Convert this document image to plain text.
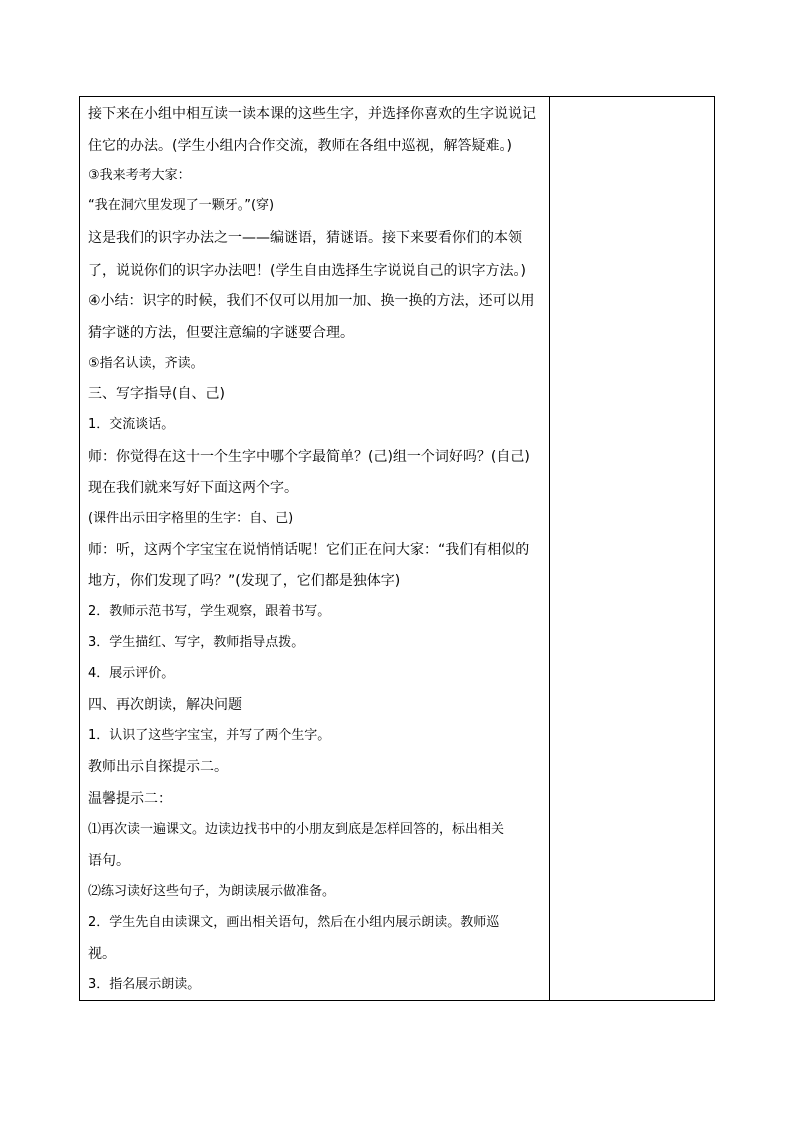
接下来在小组中相互读一读本课的这些生字，并选择你喜欢的生字说说记
住它的办法。(学生小组内合作交流，教师在各组中巡视，解答疑难。)
③我来考考大家：
“我在洞穴里发现了一颗牙。”(穿)
这是我们的识字办法之一——编谜语，猜谜语。接下来要看你们的本领
了，说说你们的识字办法吧！(学生自由选择生字说说自己的识字方法。)
④小结：识字的时候，我们不仅可以用加一加、换一换的方法，还可以用
猜字谜的方法，但要注意编的字谜要合理。
⑤指名认读，齐读。
三、写字指导(自、己)
1．交流谈话。
师：你觉得在这十一个生字中哪个字最简单？(己)组一个词好吗？(自己)
现在我们就来写好下面这两个字。
(课件出示田字格里的生字：自、己)
师：听，这两个字宝宝在说悄悄话呢！它们正在问大家：“我们有相似的
地方，你们发现了吗？”(发现了，它们都是独体字)
2．教师示范书写，学生观察，跟着书写。
3．学生描红、写字，教师指导点拨。
4．展示评价。
四、再次朗读，解决问题
1．认识了这些字宝宝，并写了两个生字。
教师出示自探提示二。
温馨提示二：
⑴再次读一遍课文。边读边找书中的小朋友到底是怎样回答的，标出相关
语句。
⑵练习读好这些句子，为朗读展示做准备。
2．学生先自由读课文，画出相关语句，然后在小组内展示朗读。教师巡
视。
3．指名展示朗读。
